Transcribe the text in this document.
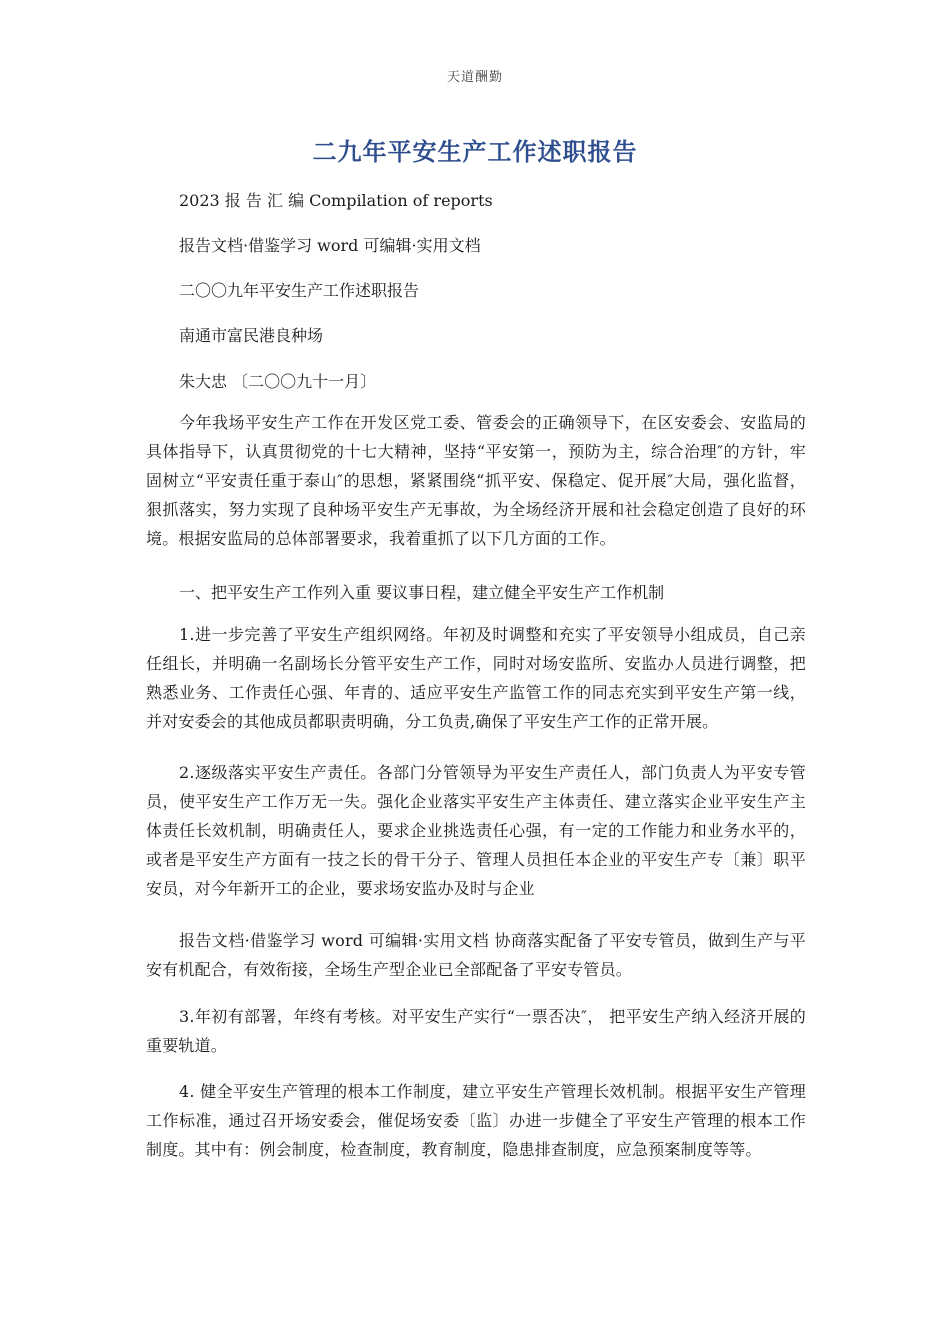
天道酬勤
二九年平安生产工作述职报告
2023 报 告 汇 编 Compilation of reports
报告文档·借鉴学习 word 可编辑·实用文档
二〇〇九年平安生产工作述职报告
南通市富民港良种场
朱大忠 〔二〇〇九十一月〕
今年我场平安生产工作在开发区党工委、管委会的正确领导下，在区安委会、安监局的具体指导下，认真贯彻党的十七大精神，坚持“平安第一，预防为主，综合治理″的方针，牢固树立“平安责任重于泰山″的思想，紧紧围绕“抓平安、保稳定、促开展″大局，强化监督，狠抓落实，努力实现了良种场平安生产无事故，为全场经济开展和社会稳定创造了良好的环境。根据安监局的总体部署要求，我着重抓了以下几方面的工作。
一、把平安生产工作列入重 要议事日程，建立健全平安生产工作机制
1.进一步完善了平安生产组织网络。年初及时调整和充实了平安领导小组成员，自己亲任组长，并明确一名副场长分管平安生产工作，同时对场安监所、安监办人员进行调整，把熟悉业务、工作责任心强、年青的、适应平安生产监管工作的同志充实到平安生产第一线，并对安委会的其他成员都职责明确，分工负责,确保了平安生产工作的正常开展。
2.逐级落实平安生产责任。各部门分管领导为平安生产责任人，部门负责人为平安专管员，使平安生产工作万无一失。强化企业落实平安生产主体责任、建立落实企业平安生产主体责任长效机制，明确责任人，要求企业挑选责任心强，有一定的工作能力和业务水平的，或者是平安生产方面有一技之长的骨干分子、管理人员担任本企业的平安生产专〔兼〕职平安员，对今年新开工的企业，要求场安监办及时与企业
报告文档·借鉴学习 word 可编辑·实用文档 协商落实配备了平安专管员，做到生产与平安有机配合，有效衔接，全场生产型企业已全部配备了平安专管员。
3.年初有部署，年终有考核。对平安生产实行“一票否决″， 把平安生产纳入经济开展的重要轨道。
4. 健全平安生产管理的根本工作制度，建立平安生产管理长效机制。根据平安生产管理工作标准，通过召开场安委会，催促场安委〔监〕办进一步健全了平安生产管理的根本工作制度。其中有：例会制度，检查制度，教育制度，隐患排查制度，应急预案制度等等。
